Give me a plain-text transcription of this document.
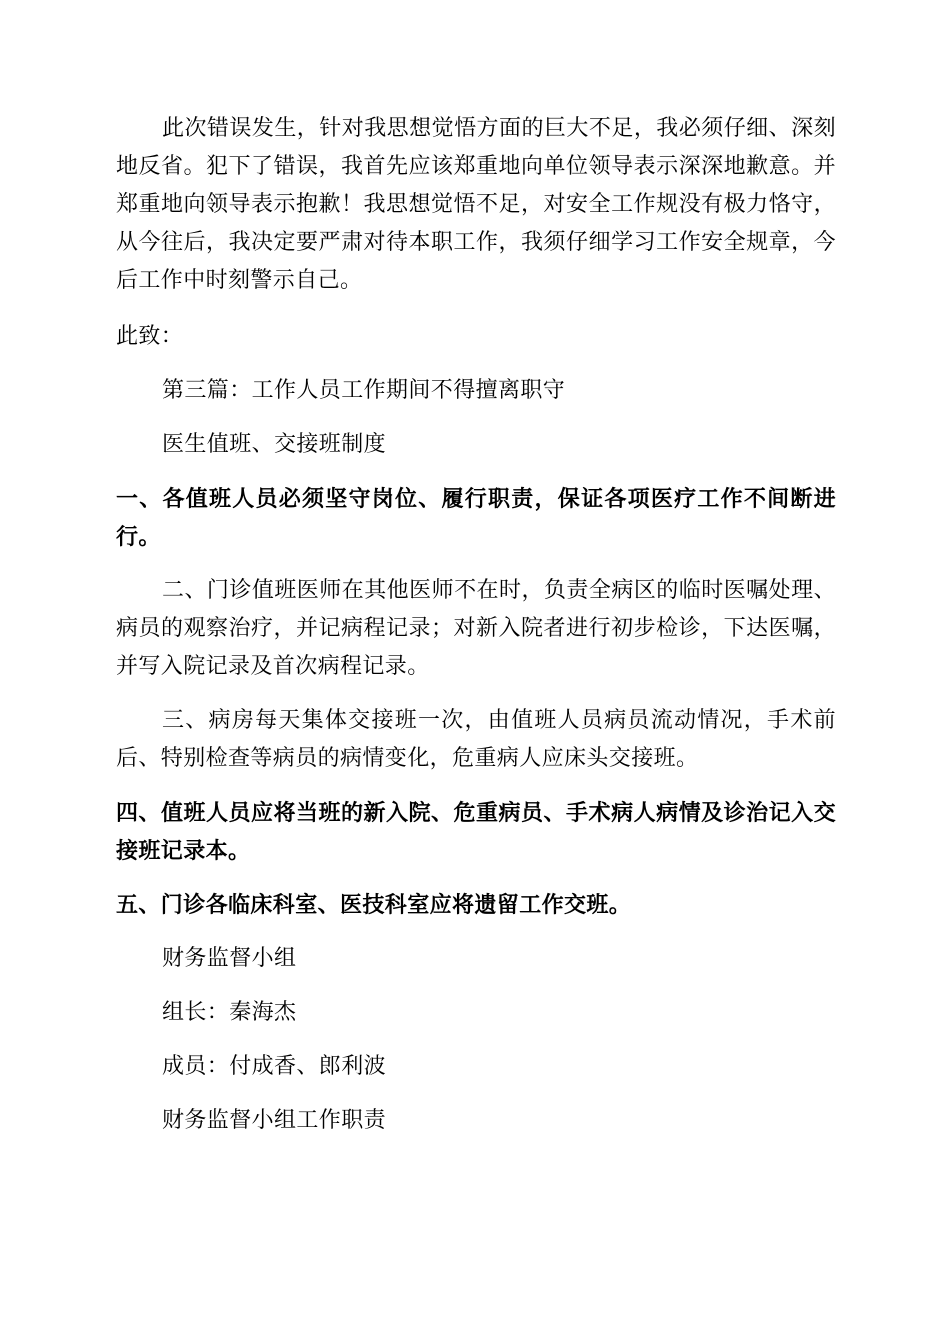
此次错误发生，针对我思想觉悟方面的巨大不足，我必须仔细、深刻地反省。犯下了错误，我首先应该郑重地向单位领导表示深深地歉意。并郑重地向领导表示抱歉！我思想觉悟不足，对安全工作规没有极力恪守，从今往后，我决定要严肃对待本职工作，我须仔细学习工作安全规章，今后工作中时刻警示自己。

此致：

第三篇：工作人员工作期间不得擅离职守

医生值班、交接班制度

一、各值班人员必须坚守岗位、履行职责，保证各项医疗工作不间断进行。

二、门诊值班医师在其他医师不在时，负责全病区的临时医嘱处理、病员的观察治疗，并记病程记录；对新入院者进行初步检诊，下达医嘱，并写入院记录及首次病程记录。

三、病房每天集体交接班一次，由值班人员病员流动情况，手术前后、特别检查等病员的病情变化，危重病人应床头交接班。

四、值班人员应将当班的新入院、危重病员、手术病人病情及诊治记入交接班记录本。

五、门诊各临床科室、医技科室应将遗留工作交班。

财务监督小组

组长：秦海杰

成员：付成香、郎利波

财务监督小组工作职责
